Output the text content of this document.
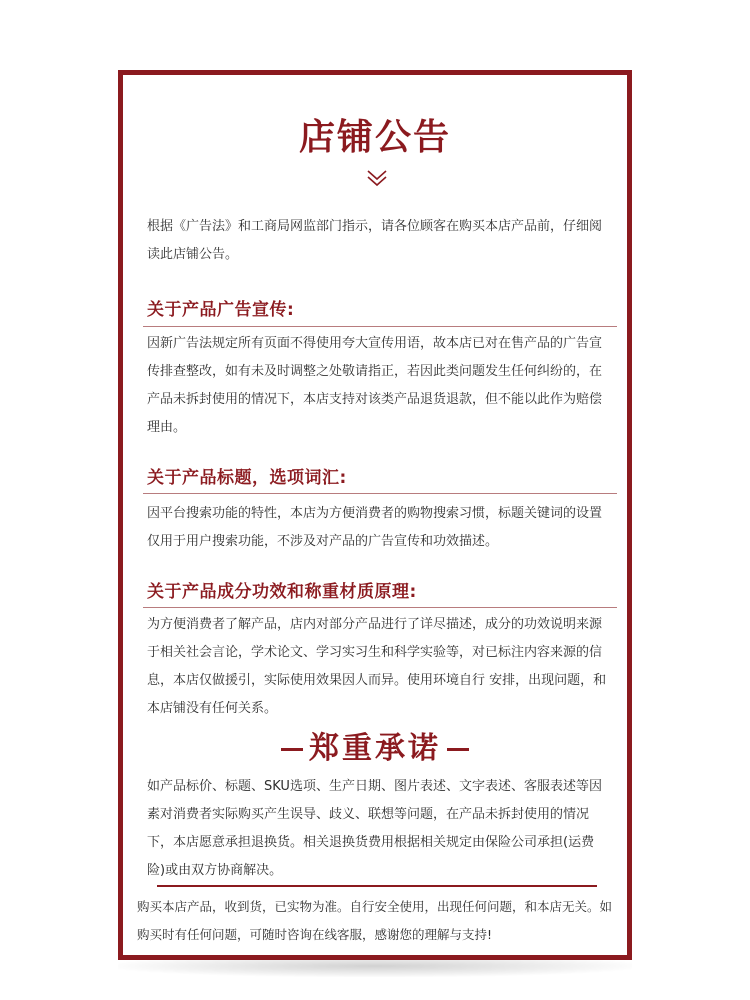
店铺公告
根据《广告法》和工商局网监部门指示，请各位顾客在购买本店产品前，仔细阅读此店铺公告。
关于产品广告宣传:
因新广告法规定所有页面不得使用夸大宣传用语，故本店已对在售产品的广告宣传排查整改，如有未及时调整之处敬请指正，若因此类问题发生任何纠纷的，在产品未拆封使用的情况下，本店支持对该类产品退货退款，但不能以此作为赔偿理由。
关于产品标题，选项词汇:
因平台搜索功能的特性，本店为方便消费者的购物搜索习惯，标题关键词的设置仅用于用户搜索功能，不涉及对产品的广告宣传和功效描述。
关于产品成分功效和称重材质原理:
为方便消费者了解产品，店内对部分产品进行了详尽描述，成分的功效说明来源于相关社会言论，学术论文、学习实习生和科学实验等，对已标注内容来源的信息，本店仅做援引，实际使用效果因人而异。使用环境自行 安排，出现问题，和本店铺没有任何关系。
郑重承诺
如产品标价、标题、SKU选项、生产日期、图片表述、文字表述、客服表述等因素对消费者实际购买产生误导、歧义、联想等问题，在产品未拆封使用的情况下，本店愿意承担退换货。相关退换货费用根据相关规定由保险公司承担(运费险)或由双方协商解决。
购买本店产品，收到货，已实物为准。自行安全使用，出现任何问题，和本店无关。如购买时有任何问题，可随时咨询在线客服，感谢您的理解与支持!
